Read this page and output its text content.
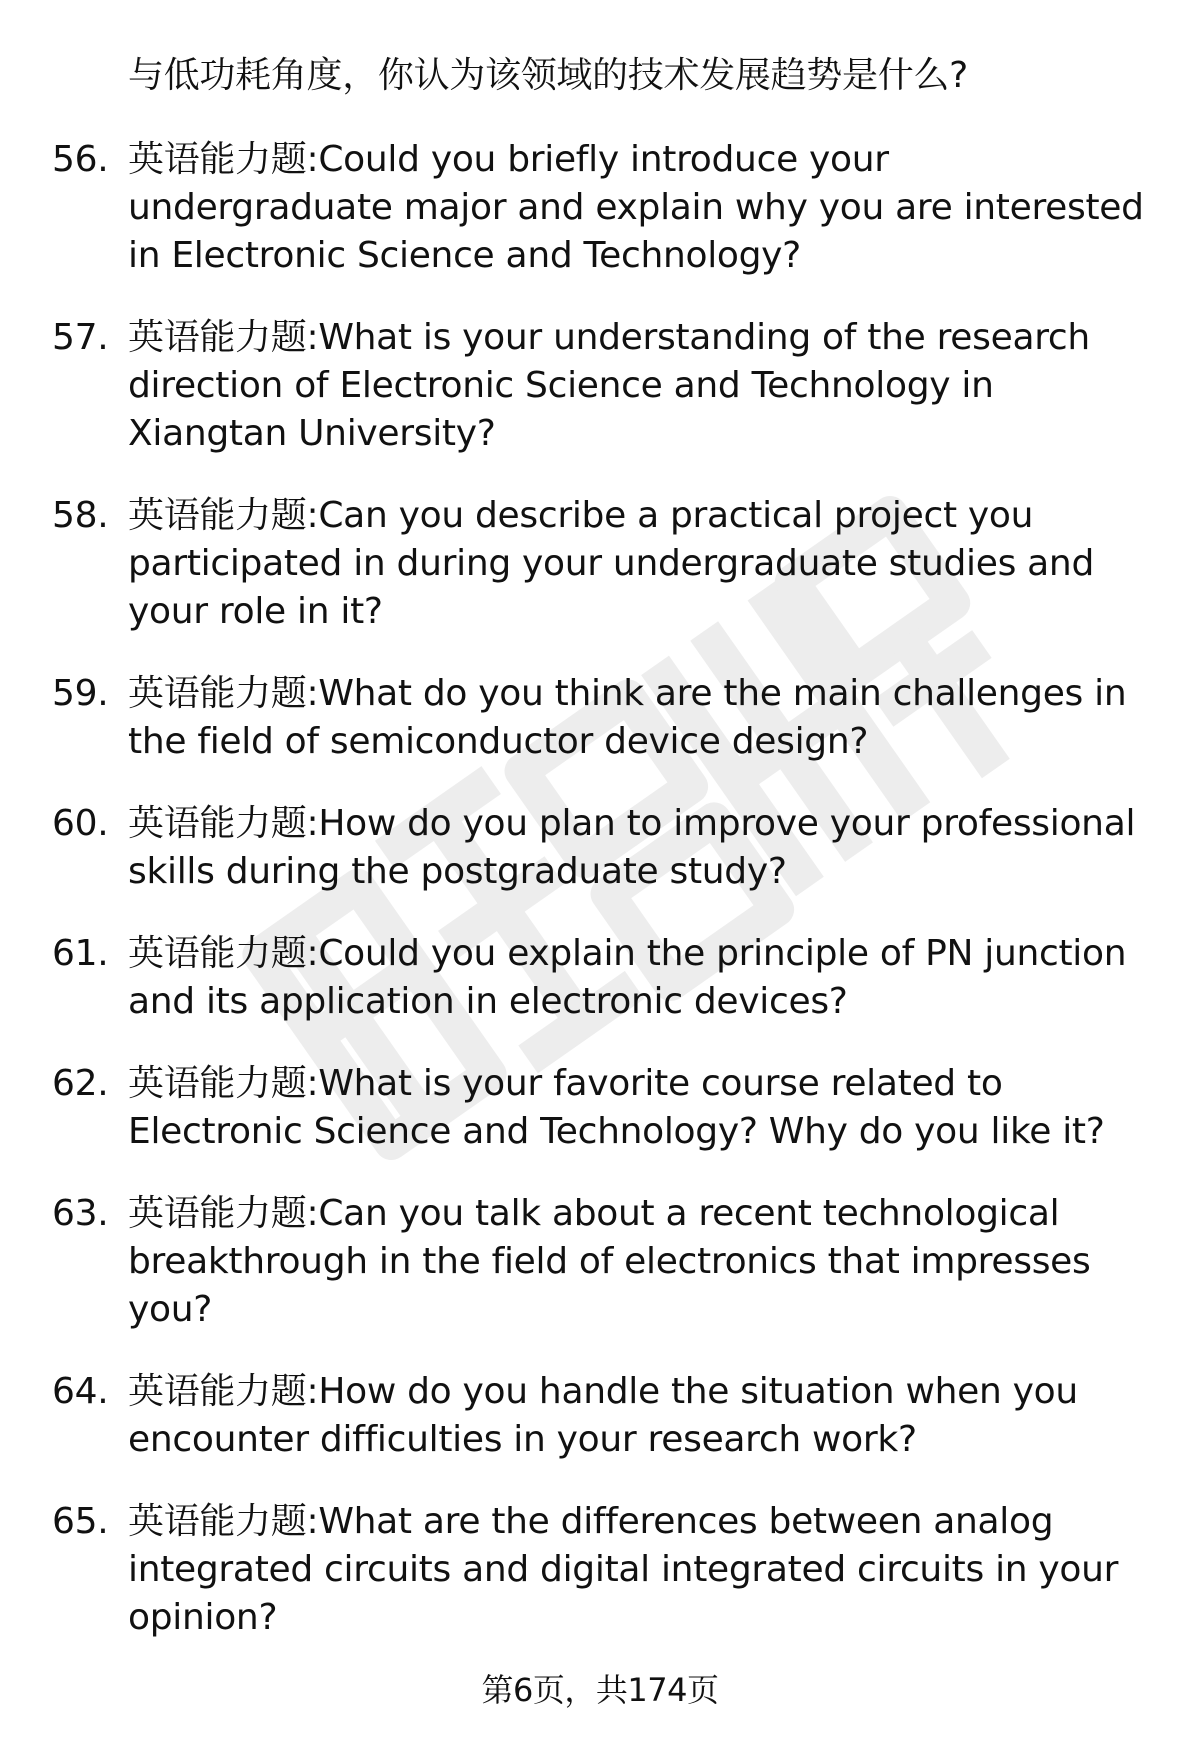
与低功耗角度，你认为该领域的技术发展趋势是什么?

56. 英语能力题:Could you briefly introduce your undergraduate major and explain why you are interested in Electronic Science and Technology?
57. 英语能力题:What is your understanding of the research direction of Electronic Science and Technology in Xiangtan University?
58. 英语能力题:Can you describe a practical project you participated in during your undergraduate studies and your role in it?
59. 英语能力题:What do you think are the main challenges in the field of semiconductor device design?
60. 英语能力题:How do you plan to improve your professional skills during the postgraduate study?
61. 英语能力题:Could you explain the principle of PN junction and its application in electronic devices?
62. 英语能力题:What is your favorite course related to Electronic Science and Technology? Why do you like it?
63. 英语能力题:Can you talk about a recent technological breakthrough in the field of electronics that impresses you?
64. 英语能力题:How do you handle the situation when you encounter difficulties in your research work?
65. 英语能力题:What are the differences between analog integrated circuits and digital integrated circuits in your opinion?
第6页，共174页
